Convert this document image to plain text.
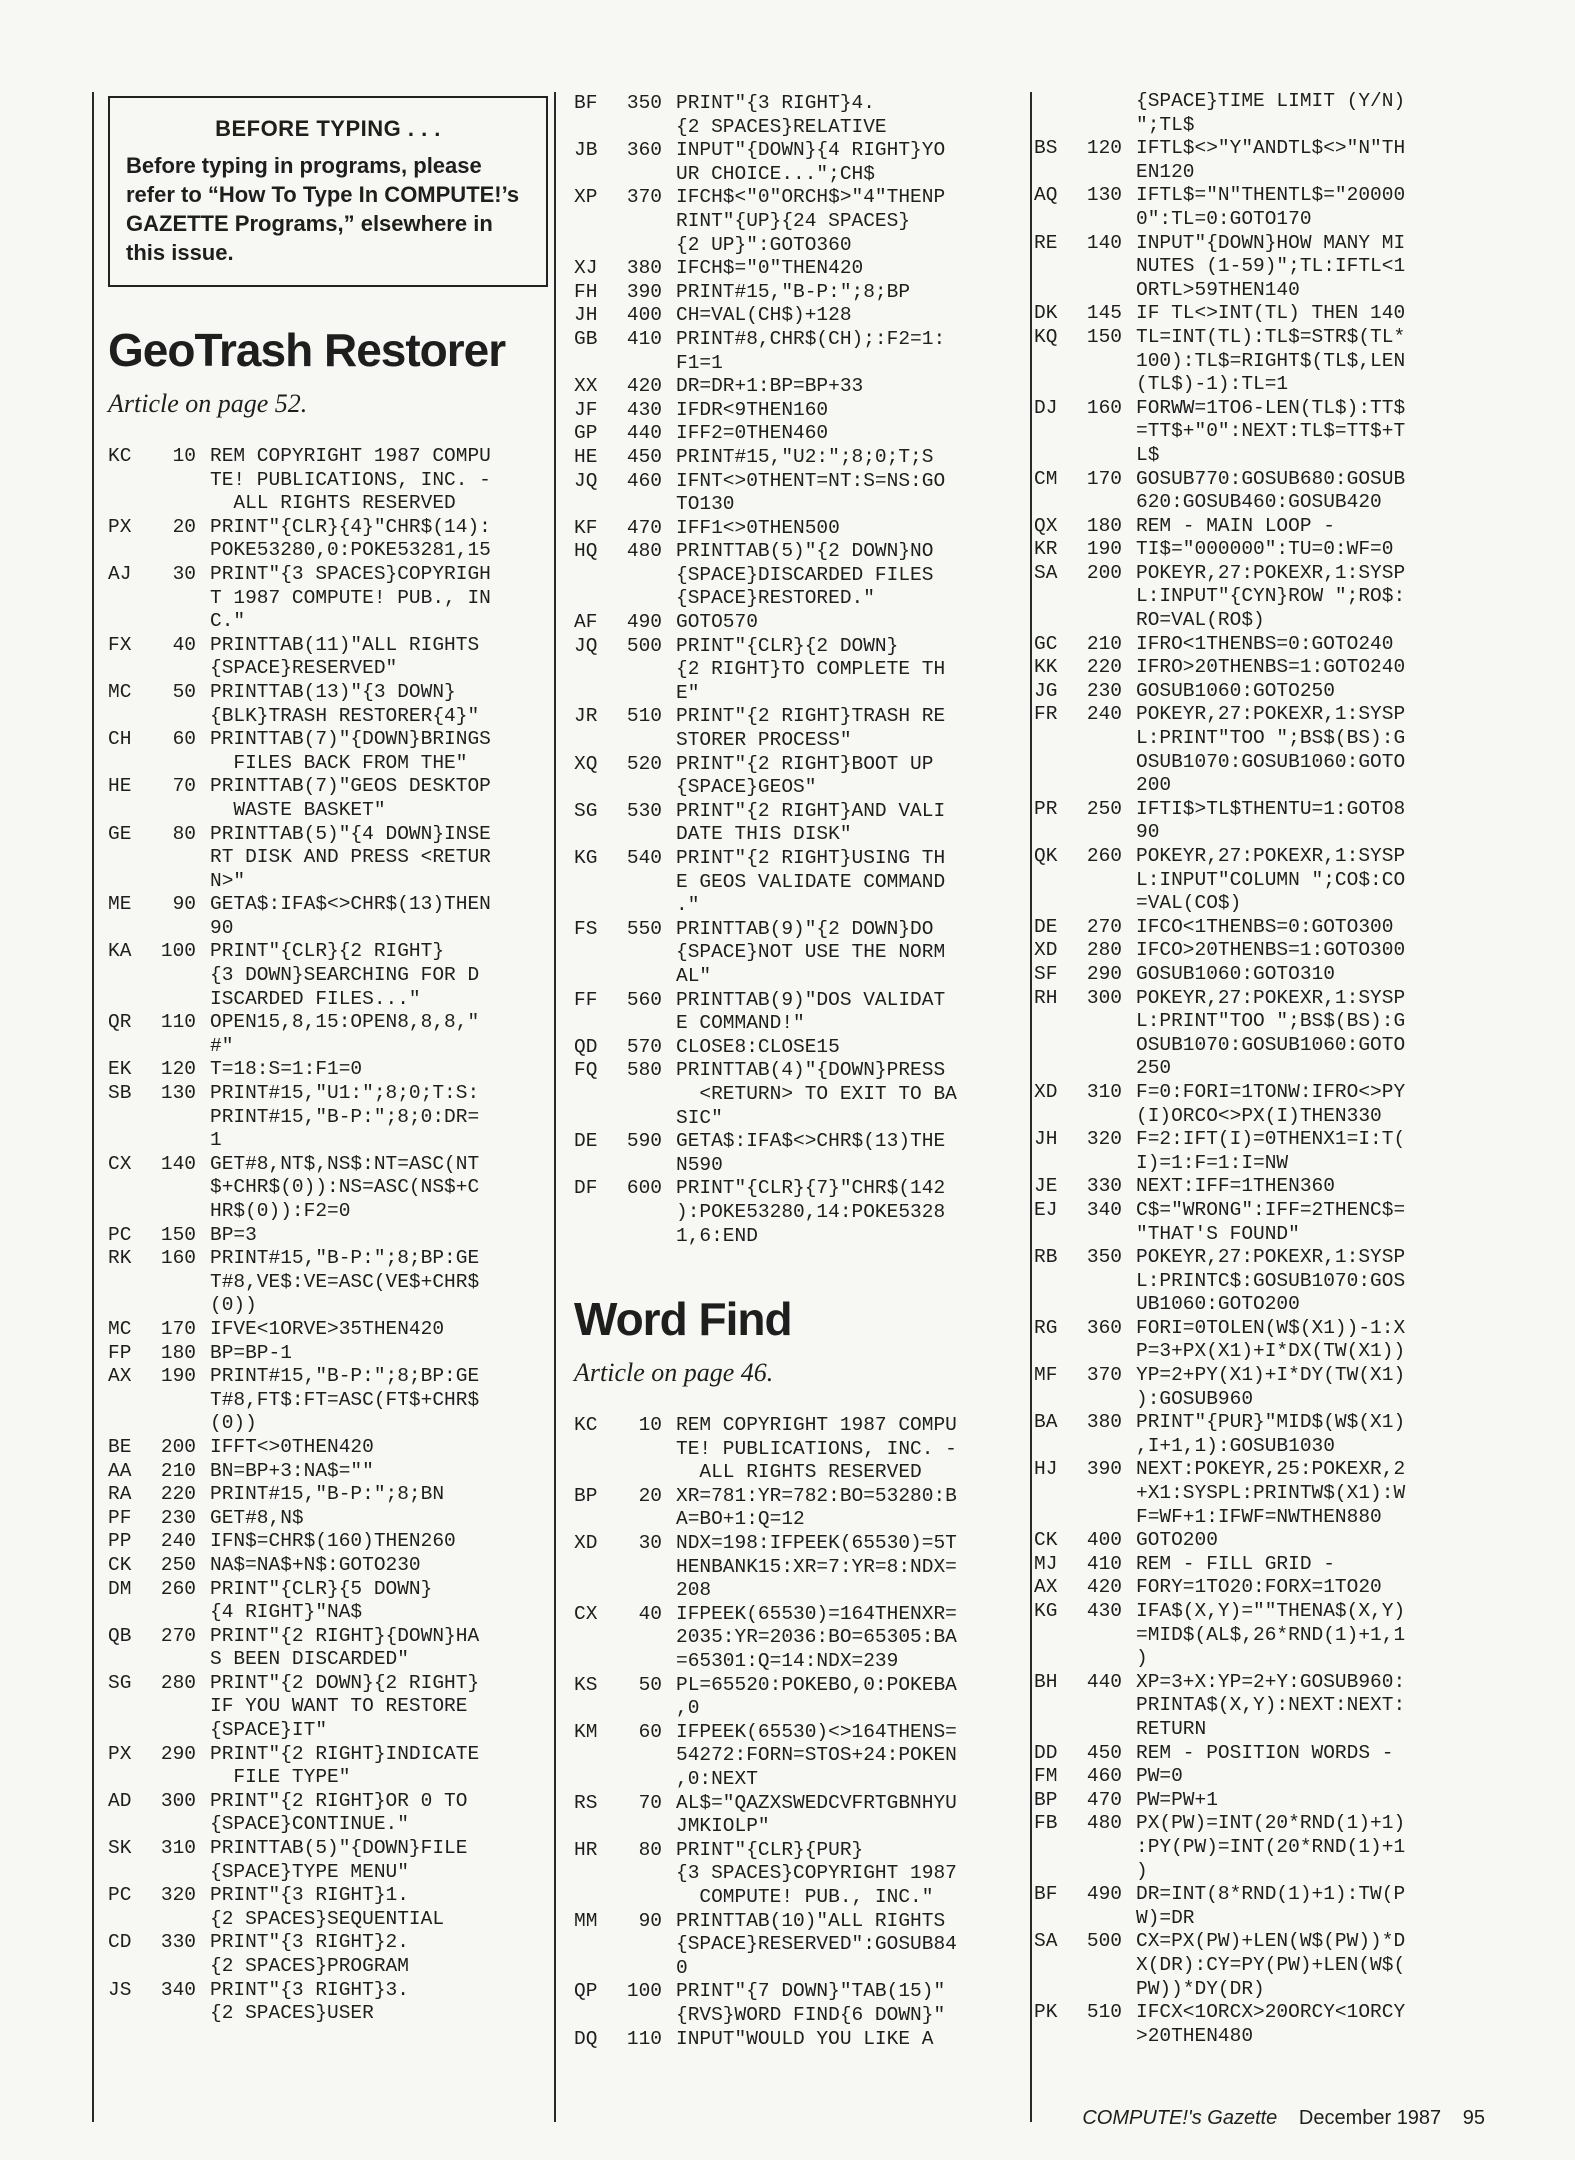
BEFORE TYPING . . .
Before typing in programs, please refer to “How To Type In COMPUTE!’s GAZETTE Programs,” elsewhere in this issue.
GeoTrash Restorer
Article on page 52.
KC	10 REM COPYRIGHT 1987 COMPU
TE! PUBLICATIONS, INC. -
ALL RIGHTS RESERVED
PX	20 PRINT"{CLR}{4}"CHR$(14):
POKE53280,0:POKE53281,15
AJ	30 PRINT"{3 SPACES}COPYRIGH
T 1987 COMPUTE! PUB., IN
C."
FX	40 PRINTTAB(11)"ALL RIGHTS
{SPACE}RESERVED"
MC	50 PRINTTAB(13)"{3 DOWN}
{BLK}TRASH RESTORER{4}"
CH	60 PRINTTAB(7)"{DOWN}BRINGS
FILES BACK FROM THE"
HE	70 PRINTTAB(7)"GEOS DESKTOP
WASTE BASKET"
GE	80 PRINTTAB(5)"{4 DOWN}INSE
RT DISK AND PRESS <RETUR
N>"
ME	90 GETA$:IFA$<>CHR$(13)THEN
90
KA	100 PRINT"{CLR}{2 RIGHT}
{3 DOWN}SEARCHING FOR D
ISCARDED FILES..."
QR	110 OPEN15,8,15:OPEN8,8,8,"
#"
EK	120 T=18:S=1:F1=0
SB	130 PRINT#15,"U1:";8;0;T:S:
PRINT#15,"B-P:";8;0:DR=
1
CX	140 GET#8,NT$,NS$:NT=ASC(NT
$+CHR$(0)):NS=ASC(NS$+C
HR$(0)):F2=0
PC	150 BP=3
RK	160 PRINT#15,"B-P:";8;BP:GE
T#8,VE$:VE=ASC(VE$+CHR$
(0))
MC	170 IFVE<1ORVE>35THEN420
FP	180 BP=BP-1
AX	190 PRINT#15,"B-P:";8;BP:GE
T#8,FT$:FT=ASC(FT$+CHR$
(0))
BE	200 IFFT<>0THEN420
AA	210 BN=BP+3:NA$=""
RA	220 PRINT#15,"B-P:";8;BN
PF	230 GET#8,N$
PP	240 IFN$=CHR$(160)THEN260
CK	250 NA$=NA$+N$:GOTO230
DM	260 PRINT"{CLR}{5 DOWN}
{4 RIGHT}"NA$
QB	270 PRINT"{2 RIGHT}{DOWN}HA
S BEEN DISCARDED"
SG	280 PRINT"{2 DOWN}{2 RIGHT}
IF YOU WANT TO RESTORE
{SPACE}IT"
PX	290 PRINT"{2 RIGHT}INDICATE
FILE TYPE"
AD	300 PRINT"{2 RIGHT}OR 0 TO
{SPACE}CONTINUE."
SK	310 PRINTTAB(5)"{DOWN}FILE
{SPACE}TYPE MENU"
PC	320 PRINT"{3 RIGHT}1.
{2 SPACES}SEQUENTIAL
CD	330 PRINT"{3 RIGHT}2.
{2 SPACES}PROGRAM
JS	340 PRINT"{3 RIGHT}3.
{2 SPACES}USER
BF	350 PRINT"{3 RIGHT}4.
{2 SPACES}RELATIVE
JB	360 INPUT"{DOWN}{4 RIGHT}YO
UR CHOICE...";CH$
XP	370 IFCH$<"0"ORCH$>"4"THENP
RINT"{UP}{24 SPACES}
{2 UP}":GOTO360
XJ	380 IFCH$="0"THEN420
FH	390 PRINT#15,"B-P:";8;BP
JH	400 CH=VAL(CH$)+128
GB	410 PRINT#8,CHR$(CH);:F2=1:
F1=1
XX	420 DR=DR+1:BP=BP+33
JF	430 IFDR<9THEN160
GP	440 IFF2=0THEN460
HE	450 PRINT#15,"U2:";8;0;T;S
JQ	460 IFNT<>0THENT=NT:S=NS:GO
TO130
KF	470 IFF1<>0THEN500
HQ	480 PRINTTAB(5)"{2 DOWN}NO
{SPACE}DISCARDED FILES
{SPACE}RESTORED."
AF	490 GOTO570
JQ	500 PRINT"{CLR}{2 DOWN}
{2 RIGHT}TO COMPLETE TH
E"
JR	510 PRINT"{2 RIGHT}TRASH RE
STORER PROCESS"
XQ	520 PRINT"{2 RIGHT}BOOT UP
{SPACE}GEOS"
SG	530 PRINT"{2 RIGHT}AND VALI
DATE THIS DISK"
KG	540 PRINT"{2 RIGHT}USING TH
E GEOS VALIDATE COMMAND
."
FS	550 PRINTTAB(9)"{2 DOWN}DO
{SPACE}NOT USE THE NORM
AL"
FF	560 PRINTTAB(9)"DOS VALIDAT
E COMMAND!"
QD	570 CLOSE8:CLOSE15
FQ	580 PRINTTAB(4)"{DOWN}PRESS
<RETURN> TO EXIT TO BA
SIC"
DE	590 GETA$:IFA$<>CHR$(13)THE
N590
DF	600 PRINT"{CLR}{7}"CHR$(142
):POKE53280,14:POKE5328
1,6:END
Word Find
Article on page 46.
KC	10 REM COPYRIGHT 1987 COMPU
TE! PUBLICATIONS, INC. -
ALL RIGHTS RESERVED
BP	20 XR=781:YR=782:BO=53280:B
A=BO+1:Q=12
XD	30 NDX=198:IFPEEK(65530)=5T
HENBANK15:XR=7:YR=8:NDX=
208
CX	40 IFPEEK(65530)=164THENXR=
2035:YR=2036:BO=65305:BA
=65301:Q=14:NDX=239
KS	50 PL=65520:POKEBO,0:POKEBA
,0
KM	60 IFPEEK(65530)<>164THENS=
54272:FORN=STOS+24:POKEN
,0:NEXT
RS	70 AL$="QAZXSWEDCVFRTGBNHYU
JMKIOLP"
HR	80 PRINT"{CLR}{PUR}
{3 SPACES}COPYRIGHT 1987
COMPUTE! PUB., INC."
MM	90 PRINTTAB(10)"ALL RIGHTS
{SPACE}RESERVED":GOSUB84
0
QP	100 PRINT"{7 DOWN}"TAB(15)"
{RVS}WORD FIND{6 DOWN}"
DQ	110 INPUT"WOULD YOU LIKE A
{SPACE}TIME LIMIT (Y/N)
";TL$
BS	120 IFTL$<>"Y"ANDTL$<>"N"TH
EN120
AQ	130 IFTL$="N"THENTL$="20000
0":TL=0:GOTO170
RE	140 INPUT"{DOWN}HOW MANY MI
NUTES (1-59)";TL:IFTL<1
ORTL>59THEN140
DK	145 IF TL<>INT(TL) THEN 140
KQ	150 TL=INT(TL):TL$=STR$(TL*
100):TL$=RIGHT$(TL$,LEN
(TL$)-1):TL=1
DJ	160 FORWW=1TO6-LEN(TL$):TT$
=TT$+"0":NEXT:TL$=TT$+T
L$
CM	170 GOSUB770:GOSUB680:GOSUB
620:GOSUB460:GOSUB420
QX	180 REM - MAIN LOOP -
KR	190 TI$="000000":TU=0:WF=0
SA	200 POKEYR,27:POKEXR,1:SYSP
L:INPUT"{CYN}ROW ";RO$:
RO=VAL(RO$)
GC	210 IFRO<1THENBS=0:GOTO240
KK	220 IFRO>20THENBS=1:GOTO240
JG	230 GOSUB1060:GOTO250
FR	240 POKEYR,27:POKEXR,1:SYSP
L:PRINT"TOO ";BS$(BS):G
OSUB1070:GOSUB1060:GOTO
200
PR	250 IFTI$>TL$THENTU=1:GOTO8
90
QK	260 POKEYR,27:POKEXR,1:SYSP
L:INPUT"COLUMN ";CO$:CO
=VAL(CO$)
DE	270 IFCO<1THENBS=0:GOTO300
XD	280 IFCO>20THENBS=1:GOTO300
SF	290 GOSUB1060:GOTO310
RH	300 POKEYR,27:POKEXR,1:SYSP
L:PRINT"TOO ";BS$(BS):G
OSUB1070:GOSUB1060:GOTO
250
XD	310 F=0:FORI=1TONW:IFRO<>PY
(I)ORCO<>PX(I)THEN330
JH	320 F=2:IFT(I)=0THENX1=I:T(
I)=1:F=1:I=NW
JE	330 NEXT:IFF=1THEN360
EJ	340 C$="WRONG":IFF=2THENC$=
"THAT'S FOUND"
RB	350 POKEYR,27:POKEXR,1:SYSP
L:PRINTC$:GOSUB1070:GOS
UB1060:GOTO200
RG	360 FORI=0TOLEN(W$(X1))-1:X
P=3+PX(X1)+I*DX(TW(X1))
MF	370 YP=2+PY(X1)+I*DY(TW(X1)
):GOSUB960
BA	380 PRINT"{PUR}"MID$(W$(X1)
,I+1,1):GOSUB1030
HJ	390 NEXT:POKEYR,25:POKEXR,2
+X1:SYSPL:PRINTW$(X1):W
F=WF+1:IFWF=NWTHEN880
CK	400 GOTO200
MJ	410 REM - FILL GRID -
AX	420 FORY=1TO20:FORX=1TO20
KG	430 IFA$(X,Y)=""THENA$(X,Y)
=MID$(AL$,26*RND(1)+1,1
)
BH	440 XP=3+X:YP=2+Y:GOSUB960:
PRINTA$(X,Y):NEXT:NEXT:
RETURN
DD	450 REM - POSITION WORDS -
FM	460 PW=0
BP	470 PW=PW+1
FB	480 PX(PW)=INT(20*RND(1)+1)
:PY(PW)=INT(20*RND(1)+1
)
BF	490 DR=INT(8*RND(1)+1):TW(P
W)=DR
SA	500 CX=PX(PW)+LEN(W$(PW))*D
X(DR):CY=PY(PW)+LEN(W$(
PW))*DY(DR)
PK	510 IFCX<1ORCX>20ORCY<1ORCY
>20THEN480
COMPUTE!'s Gazette December 1987 95
